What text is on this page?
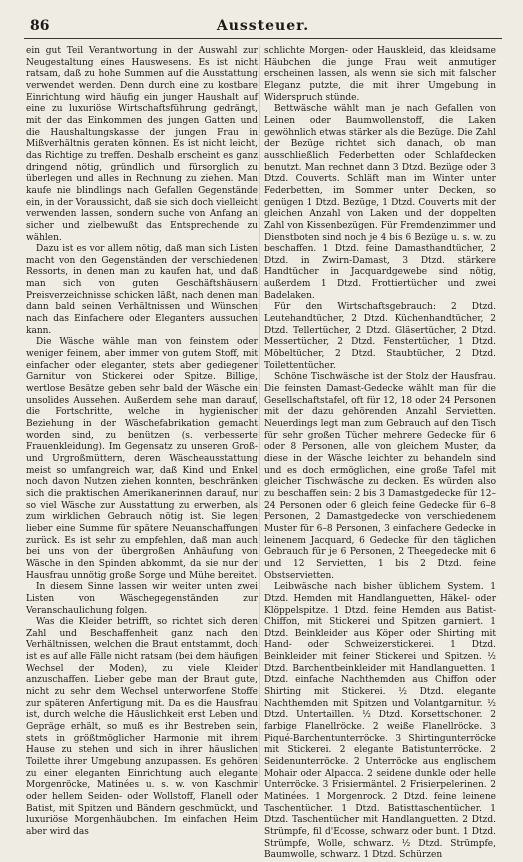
86	Aussteuer.

ein gut Teil Verantwortung in der Auswahl zur Neugestaltung eines Hauswesens. Es ist nicht ratsam, daß zu hohe Summen auf die Ausstattung verwendet werden. Denn durch eine zu kostbare Einrichtung wird häufig ein junger Haushalt auf eine zu luxuriöse Wirtschaftsführung gedrängt, mit der das Einkommen des jungen Gatten und die Haushaltungskasse der jungen Frau in Mißverhältnis geraten können. Es ist nicht leicht, das Richtige zu treffen. Deshalb erscheint es ganz dringend nötig, gründlich und fürsorglich zu überlegen und alles in Rechnung zu ziehen. Man kaufe nie blindlings nach Gefallen Gegenstände ein, in der Voraussicht, daß sie sich doch vielleicht verwenden lassen, sondern suche von Anfang an sicher und zielbewußt das Entsprechende zu wählen.

Dazu ist es vor allem nötig, daß man sich Listen macht von den Gegenständen der verschiedenen Ressorts, in denen man zu kaufen hat, und daß man sich von guten Geschäftshäusern Preisverzeichnisse schicken läßt, nach denen man dann bald seinen Verhältnissen und Wünschen nach das Einfachere oder Eleganters aussuchen kann.

Die Wäsche wähle man von feinstem oder weniger feinem, aber immer von gutem Stoff, mit einfacher oder eleganter, stets aber gediegener Garnitur von Stickerei oder Spitze. Billige, wertlose Besätze geben sehr bald der Wäsche ein unsolides Aussehen. Außerdem sehe man darauf, die Fortschritte, welche in hygienischer Beziehung in der Wäschefabrikation gemacht worden sind, zu benützen (s. verbesserte Frauenkleidung). Im Gegensatz zu unseren Groß- und Urgroßmüttern, deren Wäscheausstattung meist so umfangreich war, daß Kind und Enkel noch davon Nutzen ziehen konnten, beschränken sich die praktischen Amerikanerinnen darauf, nur so viel Wäsche zur Ausstattung zu erwerben, als zum wirklichen Gebrauch nötig ist. Sie legen lieber eine Summe für spätere Neuanschaffungen zurück. Es ist sehr zu empfehlen, daß man auch bei uns von der übergroßen Anhäufung von Wäsche in den Spinden abkommt, da sie nur der Hausfrau unnötig große Sorge und Mühe bereitet.

In diesem Sinne lassen wir weiter unten zwei Listen von Wäschegegenständen zur Veranschaulichung folgen.

Was die Kleider betrifft, so richtet sich deren Zahl und Beschaffenheit ganz nach den Verhältnissen, welchen die Braut entstammt, doch ist es auf alle Fälle nicht ratsam (bei dem häufigen Wechsel der Moden), zu viele Kleider anzuschaffen. Lieber gebe man der Braut gute, nicht zu sehr dem Wechsel unterworfene Stoffe zur späteren Anfertigung mit. Da es die Hausfrau ist, durch welche die Häuslichkeit erst Leben und Gepräge erhält, so muß es ihr Bestreben sein, stets in größtmöglicher Harmonie mit ihrem Hause zu stehen und sich in ihrer häuslichen Toilette ihrer Umgebung anzupassen. Es gehören zu einer eleganten Einrichtung auch elegante Morgenröcke, Matinées u. s. w. von Kaschmir oder hellem Seiden- oder Wollstoff, Flanell oder Batist, mit Spitzen und Bändern geschmückt, und luxuriöse Morgenhäubchen. Im einfachen Heim aber wird das

schlichte Morgen- oder Hauskleid, das kleidsame Häubchen die junge Frau weit anmutiger erscheinen lassen, als wenn sie sich mit falscher Eleganz putzte, die mit ihrer Umgebung in Widerspruch stünde.

Bettwäsche wählt man je nach Gefallen von Leinen oder Baumwollenstoff, die Laken gewöhnlich etwas stärker als die Bezüge. Die Zahl der Bezüge richtet sich danach, ob man ausschließlich Federbetten oder Schlafdecken benutzt. Man rechnet dann 3 Dtzd. Bezüge oder 3 Dtzd. Couverts. Schläft man im Winter unter Federbetten, im Sommer unter Decken, so genügen 1 Dtzd. Bezüge, 1 Dtzd. Couverts mit der gleichen Anzahl von Laken und der doppelten Zahl von Kissenbezügen. Für Fremdenzimmer und Dienstboten sind noch je 4 bis 6 Bezüge u. s. w. zu beschaffen. 1 Dtzd. feine Damasthandtücher, 2 Dtzd. in Zwirn-Damast, 3 Dtzd. stärkere Handtücher in Jacquardgewebe sind nötig, außerdem 1 Dtzd. Frottiertücher und zwei Badelaken.

Für den Wirtschaftsgebrauch: 2 Dtzd. Leutehandtücher, 2 Dtzd. Küchenhandtücher, 2 Dtzd. Tellertücher, 2 Dtzd. Gläsertücher, 2 Dtzd. Messertücher, 2 Dtzd. Fenstertücher, 1 Dtzd. Möbeltücher, 2 Dtzd. Staubtücher, 2 Dtzd. Toilettentücher.

Schöne Tischwäsche ist der Stolz der Hausfrau. Die feinsten Damast-Gedecke wählt man für die Gesellschaftstafel, oft für 12, 18 oder 24 Personen mit der dazu gehörenden Anzahl Servietten. Neuerdings legt man zum Gebrauch auf den Tisch für sehr großen Tücher mehrere Gedecke für 6 oder 8 Personen, alle von gleichem Muster, da diese in der Wäsche leichter zu behandeln sind und es doch ermöglichen, eine große Tafel mit gleicher Tischwäsche zu decken. Es würden also zu beschaffen sein: 2 bis 3 Damastgedecke für 12–24 Personen oder 6 gleich feine Gedecke für 6–8 Personen, 2 Damastgedecke von verschiedenem Muster für 6–8 Personen, 3 einfachere Gedecke in leinenem Jacquard, 6 Gedecke für den täglichen Gebrauch für je 6 Personen, 2 Theegedecke mit 6 und 12 Servietten, 1 bis 2 Dtzd. feine Obstservietten.

Leibwäsche nach bisher üblichem System. 1 Dtzd. Hemden mit Handlanguetten, Häkel- oder Klöppelspitze. 1 Dtzd. feine Hemden aus Batist-Chiffon, mit Stickerei und Spitzen garniert. 1 Dtzd. Beinkleider aus Köper oder Shirting mit Hand- oder Schweizerstickerei. 1 Dtzd. Beinkleider mit feiner Stickerei und Spitzen. ½ Dtzd. Barchentbeinkleider mit Handlanguetten. 1 Dtzd. einfache Nachthemden aus Chiffon oder Shirting mit Stickerei. ½ Dtzd. elegante Nachthemden mit Spitzen und Volantgarnitur. ½ Dtzd. Untertaillen. ½ Dtzd. Korsettschoner. 2 farbige Flanellröcke. 2 weiße Flanellröcke. 3 Piqué-Barchentunterröcke. 3 Shirtingunterröcke mit Stickerei. 2 elegante Batistunterröcke. 2 Seidenunterröcke. 2 Unterröcke aus englischem Mohair oder Alpacca. 2 seidene dunkle oder helle Unterröcke. 3 Frisiermäntel. 2 Frisierpelerinen. 2 Matinées. 1 Morgenrock. 2 Dtzd. feine leinene Taschentücher. 1 Dtzd. Batisttaschentücher. 1 Dtzd. Taschentücher mit Handlanguetten. 2 Dtzd. Strümpfe, fil d'Ecosse, schwarz oder bunt. 1 Dtzd. Strümpfe, Wolle, schwarz. ½ Dtzd. Strümpfe, Baumwolle, schwarz. 1 Dtzd. Schürzen
